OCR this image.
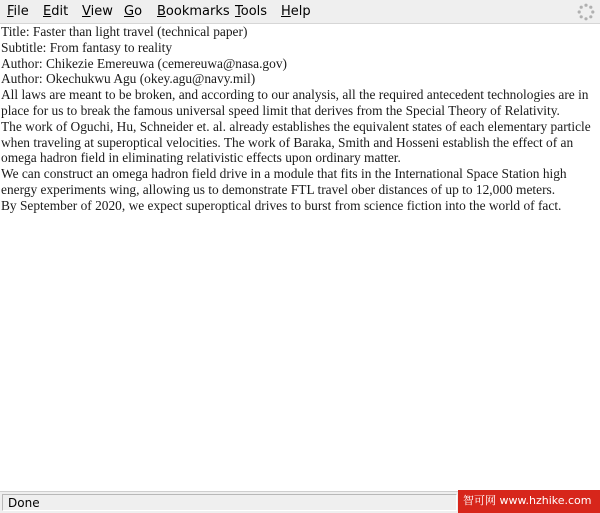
File Edit View Go Bookmarks Tools Help

Title: Faster than light travel (technical paper)

Subtitle: From fantasy to reality

Author: Chikezie Emereuwa (cemereuwa@nasa.gov)

Author: Okechukwu Agu (okey.agu@navy.mil)

All laws are meant to be broken, and according to our analysis, all the required antecedent technologies are in place for us to break the famous universal speed limit that derives from the Special Theory of Relativity.

The work of Oguchi, Hu, Schneider et. al. already establishes the equivalent states of each elementary particle when traveling at superoptical velocities. The work of Baraka, Smith and Hosseni establish the effect of an omega hadron field in eliminating relativistic effects upon ordinary matter.

We can construct an omega hadron field drive in a module that fits in the International Space Station high energy experiments wing, allowing us to demonstrate FTL travel ober distances of up to 12,000 meters.

By September of 2020, we expect superoptical drives to burst from science fiction into the world of fact.

Done	智可网 www.hzhike.com
